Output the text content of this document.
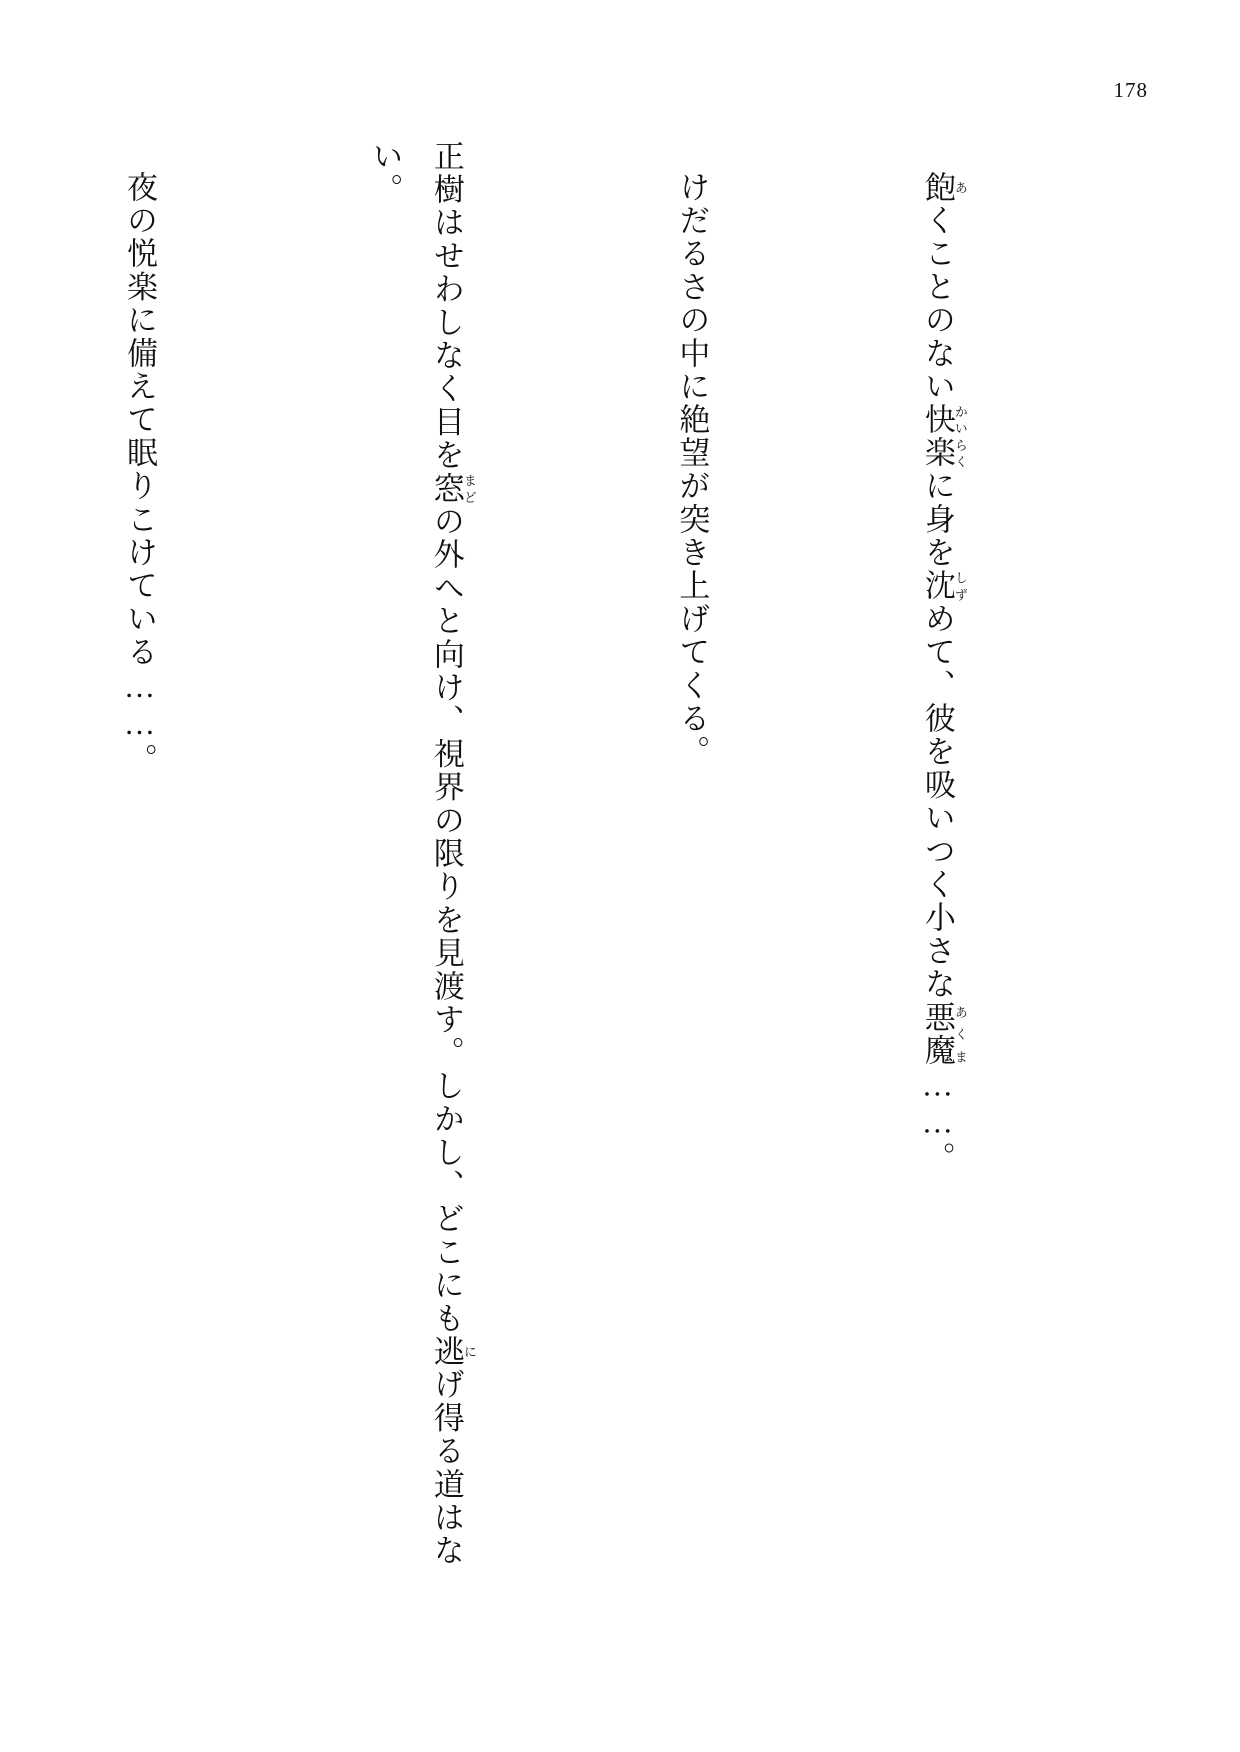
178

飽あくことのない快楽かいらくに身を沈しずめて、彼を吸いつく小さな悪魔あくま……。

けだるさの中に絶望が突き上げてくる。

正樹はせわしなく目を窓まどの外へと向け、視界の限りを見渡す。しかし、どこにも逃にげ得る道はない。

夜の悦楽に備えて眠りこけている……。
